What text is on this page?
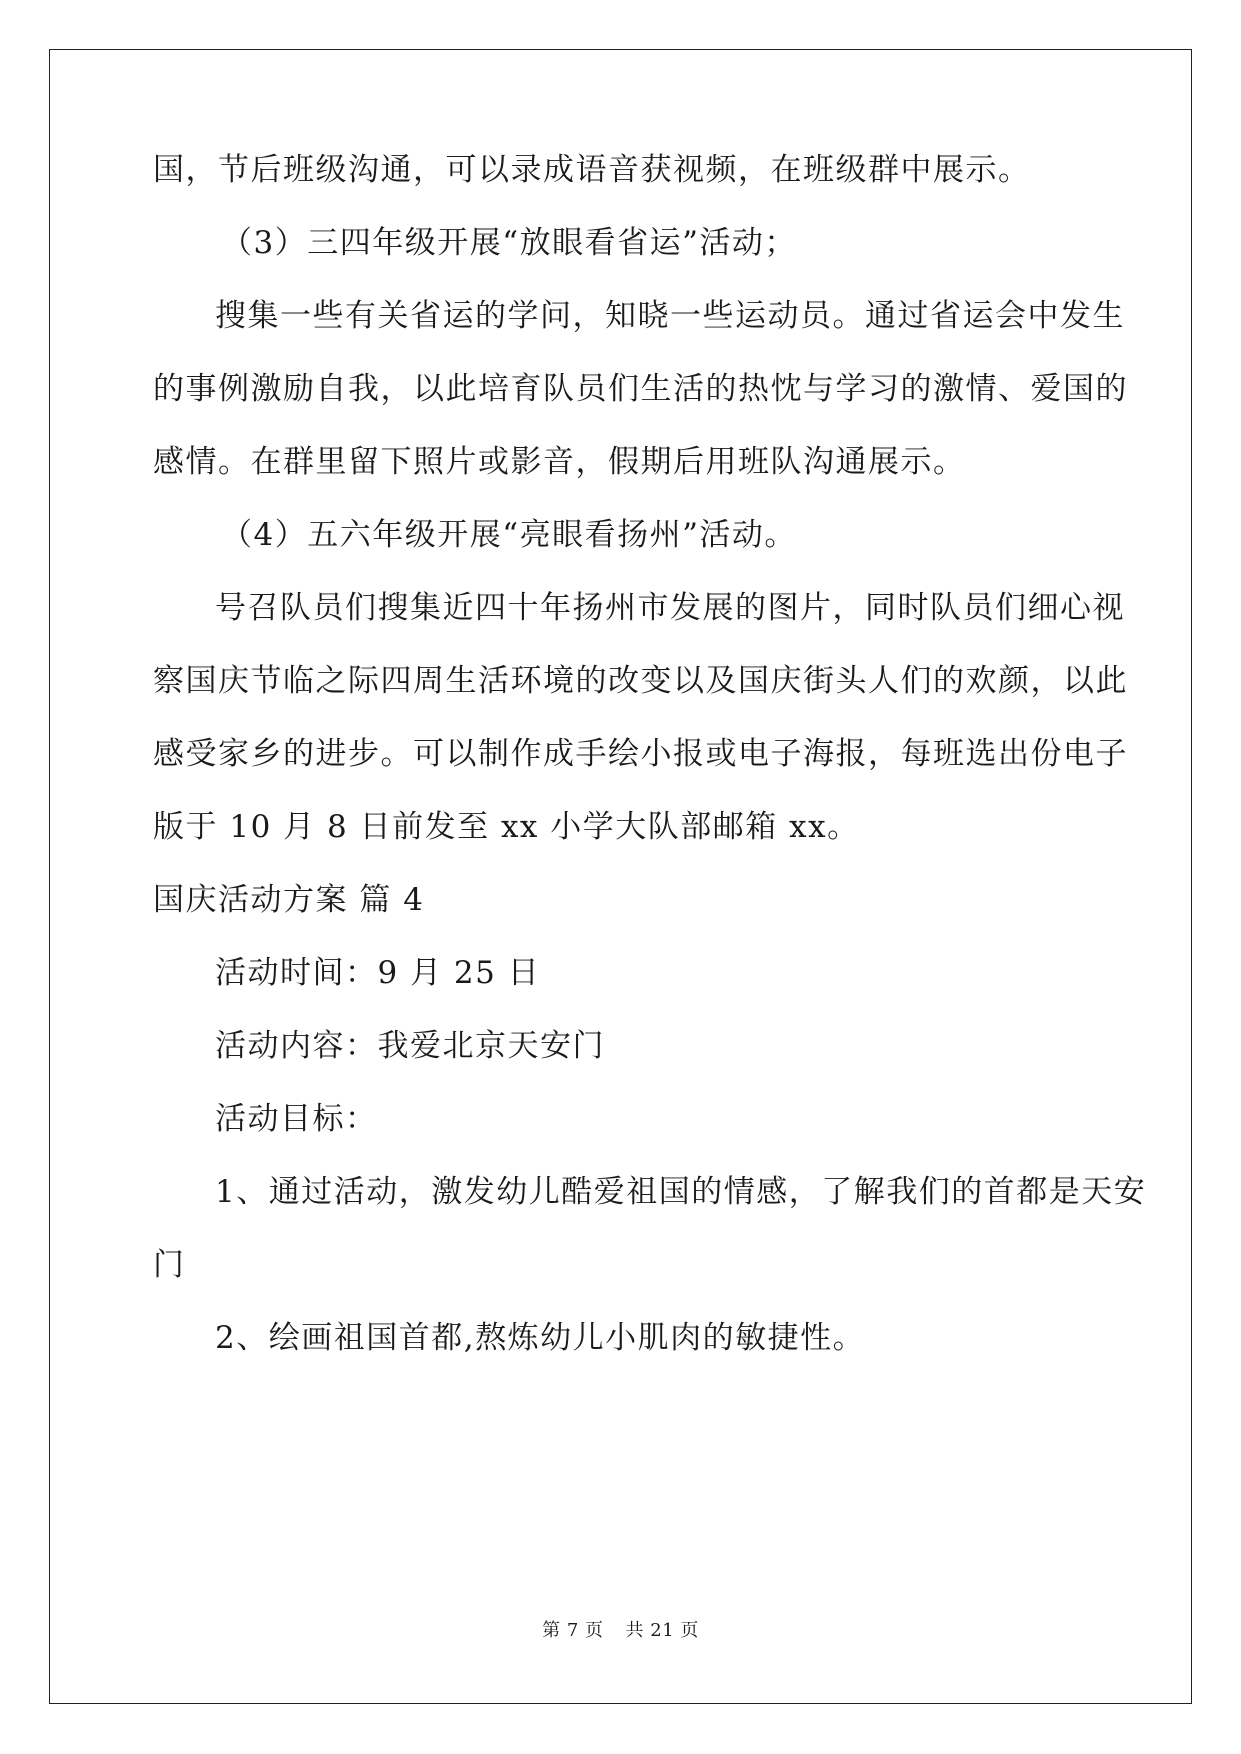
国，节后班级沟通，可以录成语音获视频，在班级群中展示。
（3）三四年级开展“放眼看省运”活动；
搜集一些有关省运的学问，知晓一些运动员。通过省运会中发生
的事例激励自我，以此培育队员们生活的热忱与学习的激情、爱国的
感情。在群里留下照片或影音，假期后用班队沟通展示。
（4）五六年级开展“亮眼看扬州”活动。
号召队员们搜集近四十年扬州市发展的图片，同时队员们细心视
察国庆节临之际四周生活环境的改变以及国庆街头人们的欢颜，以此
感受家乡的进步。可以制作成手绘小报或电子海报，每班选出份电子
版于 10 月 8 日前发至 xx 小学大队部邮箱 xx。
国庆活动方案 篇 4
活动时间：9 月 25 日
活动内容：我爱北京天安门
活动目标：
1、通过活动，激发幼儿酷爱祖国的情感，了解我们的首都是天安
门
2、绘画祖国首都,熬炼幼儿小肌肉的敏捷性。
第 7 页 共 21 页
